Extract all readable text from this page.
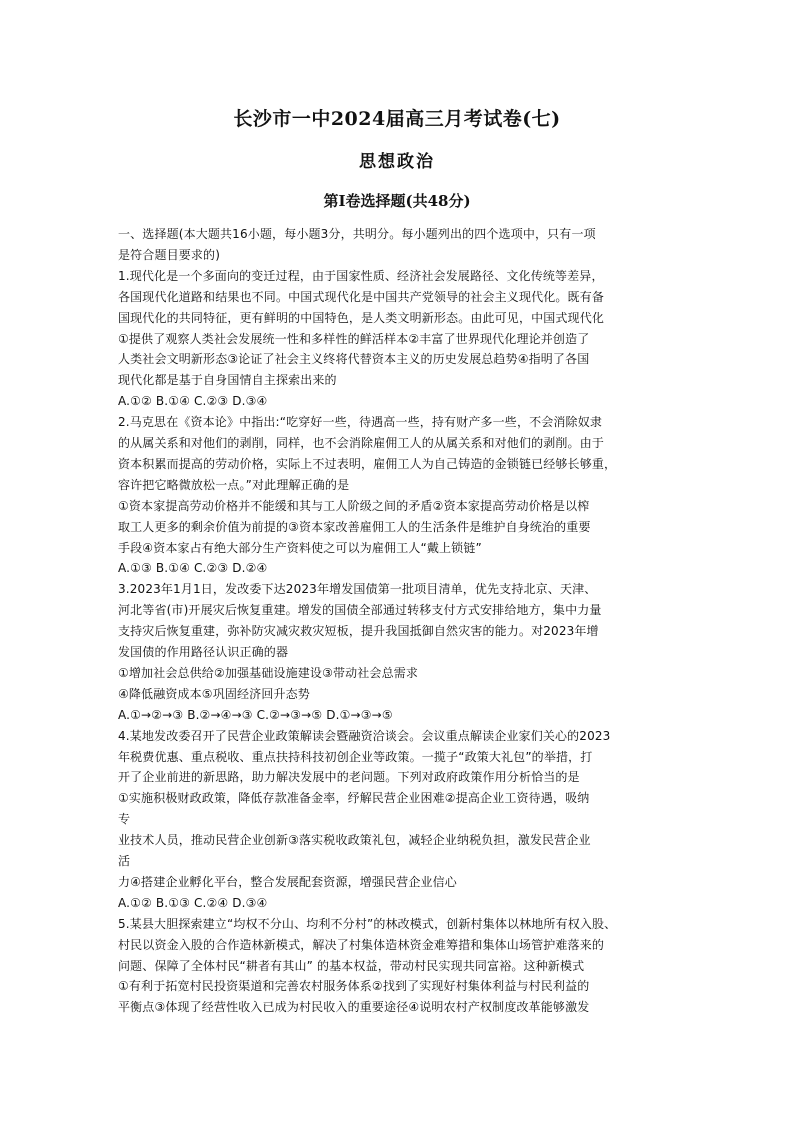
长沙市一中2024届高三月考试卷(七)
思想政治
第I卷选择题(共48分)
一、选择题(本大题共16小题，每小题3分，共明分。每小题列出的四个选项中，只有一项
是符合题目要求的)
1.现代化是一个多面向的变迁过程，由于国家性质、经济社会发展路径、文化传统等差异，
各国现代化道路和结果也不同。中国式现代化是中国共产党领导的社会主义现代化。既有备
国现代化的共同特征，更有鲜明的中国特色，是人类文明新形态。由此可见，中国式现代化
①提供了观察人类社会发展统一性和多样性的鲜活样本②丰富了世界现代化理论并创造了
人类社会文明新形态③论证了社会主义终将代替资本主义的历史发展总趋势④指明了各国
现代化都是基于自身国情自主探索出来的
A.①② B.①④ C.②③ D.③④
2.马克思在《资本论》中指出:“吃穿好一些，待遇高一些，持有财产多一些，不会消除奴隶
的从属关系和对他们的剥削，同样，也不会消除雇佣工人的从属关系和对他们的剥削。由于
资本积累而提高的劳动价格，实际上不过表明，雇佣工人为自己铸造的金锁链已经够长够重，
容许把它略微放松一点。”对此理解正确的是
①资本家提高劳动价格并不能缓和其与工人阶级之间的矛盾②资本家提高劳动价格是以榨
取工人更多的剩余价值为前提的③资本家改善雇佣工人的生活条件是维护自身统治的重要
手段④资本家占有绝大部分生产资料使之可以为雇佣工人“戴上锁链”
A.①③ B.①④ C.②③ D.②④
3.2023年1月1日，发改委下达2023年增发国债第一批项目清单，优先支持北京、天津、
河北等省(市)开展灾后恢复重建。增发的国债全部通过转移支付方式安排给地方，集中力量
支持灾后恢复重建，弥补防灾减灾救灾短板，提升我国抵御自然灾害的能力。对2023年增
发国债的作用路径认识正确的器
①增加社会总供给②加强基础设施建设③带动社会总需求
④降低融资成本⑤巩固经济回升态势
A.①→②→③ B.②→④→③ C.②→③→⑤ D.①→③→⑤
4.某地发改委召开了民营企业政策解读会暨融资洽谈会。会议重点解读企业家们关心的2023
年税费优惠、重点税收、重点扶持科技初创企业等政策。一揽子“政策大礼包”的举措，打
开了企业前进的新思路，助力解决发展中的老问题。下列对政府政策作用分析恰当的是
①实施积极财政政策，降低存款准备金率，纾解民营企业困难②提高企业工资待遇，吸纳
专
业技术人员，推动民营企业创新③落实税收政策礼包，减轻企业纳税负担，激发民营企业
活
力④搭建企业孵化平台，整合发展配套资源，增强民营企业信心
A.①② B.①③ C.②④ D.③④
5.某县大胆探索建立“均权不分山、均利不分村”的林改模式，创新村集体以林地所有权入股、
村民以资金入股的合作造林新模式，解决了村集体造林资金难筹措和集体山场管护难落来的
问题、保障了全体村民“耕者有其山” 的基本权益，带动村民实现共同富裕。这种新模式
①有利于拓宽村民投资渠道和完善农村服务体系②找到了实现好村集体利益与村民利益的
平衡点③体现了经营性收入已成为村民收入的重要途径④说明农村产权制度改革能够激发
